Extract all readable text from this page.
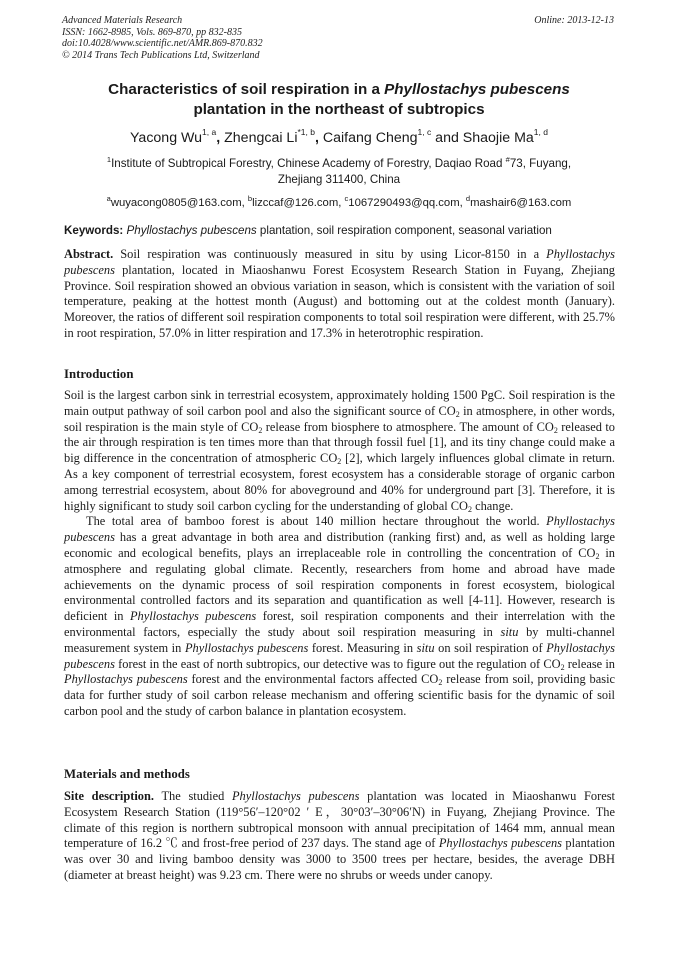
Advanced Materials Research
ISSN: 1662-8985, Vols. 869-870, pp 832-835
doi:10.4028/www.scientific.net/AMR.869-870.832
© 2014 Trans Tech Publications Ltd, Switzerland
Online: 2013-12-13
Characteristics of soil respiration in a Phyllostachys pubescens
plantation in the northeast of subtropics
Yacong Wu$^{1, a}$, Zhengcai Li$^{*1, b}$, Caifang Cheng$^{1, c}$ and Shaojie Ma$^{1, d}$
$^1$Institute of Subtropical Forestry, Chinese Academy of Forestry, Daqiao Road #73, Fuyang,
Zhejiang 311400, China
$^a$wuyacong0805@163.com, $^b$lizccaf@126.com, $^c$1067290493@qq.com, $^d$mashair6@163.com
Keywords: Phyllostachys pubescens plantation, soil respiration component, seasonal variation

Abstract. Soil respiration was continuously measured in situ by using Licor-8150 in a Phyllostachys pubescens plantation, located in Miaoshanwu Forest Ecosystem Research Station in Fuyang, Zhejiang Province. Soil respiration showed an obvious variation in season, which is consistent with the variation of soil temperature, peaking at the hottest month (August) and bottoming out at the coldest month (January). Moreover, the ratios of different soil respiration components to total soil respiration were different, with 25.7% in root respiration, 57.0% in litter respiration and 17.3% in heterotrophic respiration.

Introduction

Soil is the largest carbon sink in terrestrial ecosystem, approximately holding 1500 PgC. Soil respiration is the main output pathway of soil carbon pool and also the significant source of $CO_2$ in atmosphere, in other words, soil respiration is the main style of $CO_2$ release from biosphere to atmosphere. The amount of $CO_2$ released to the air through respiration is ten times more than that through fossil fuel [1], and its tiny change could make a big difference in the concentration of atmospheric $CO_2$ [2], which largely influences global climate in return. As a key component of terrestrial ecosystem, forest ecosystem has a considerable storage of organic carbon among terrestrial ecosystem, about 80% for aboveground and 40% for underground part [3]. Therefore, it is highly significant to study soil carbon cycling for the understanding of global $CO_2$ change.

The total area of bamboo forest is about 140 million hectare throughout the world. Phyllostachys pubescens has a great advantage in both area and distribution (ranking first) and, as well as holding large economic and ecological benefits, plays an irreplaceable role in controlling the concentration of $CO_2$ in atmosphere and regulating global climate. Recently, researchers from home and abroad have made achievements on the dynamic process of soil respiration components in forest ecosystem, biological environmental controlled factors and its separation and quantification as well [4-11]. However, research is deficient in Phyllostachys pubescens forest, soil respiration components and their interrelation with the environmental factors, especially the study about soil respiration measuring in situ by multi-channel measurement system in Phyllostachys pubescens forest. Measuring in situ on soil respiration of Phyllostachys pubescens forest in the east of north subtropics, our detective was to figure out the regulation of $CO_2$ release in Phyllostachys pubescens forest and the environmental factors affected $CO_2$ release from soil, providing basic data for further study of soil carbon release mechanism and offering scientific basis for the dynamic of soil carbon pool and the study of carbon balance in plantation ecosystem.

Materials and methods

Site description. The studied Phyllostachys pubescens plantation was located in Miaoshanwu Forest Ecosystem Research Station (119°56′–120°02 ′ E，30°03′–30°06′N) in Fuyang, Zhejiang Province. The climate of this region is northern subtropical monsoon with annual precipitation of 1464 mm, annual mean temperature of 16.2 ℃ and frost-free period of 237 days. The stand age of Phyllostachys pubescens plantation was over 30 and living bamboo density was 3000 to 3500 trees per hectare, besides, the average DBH (diameter at breast height) was 9.23 cm. There were no shrubs or weeds under canopy.
